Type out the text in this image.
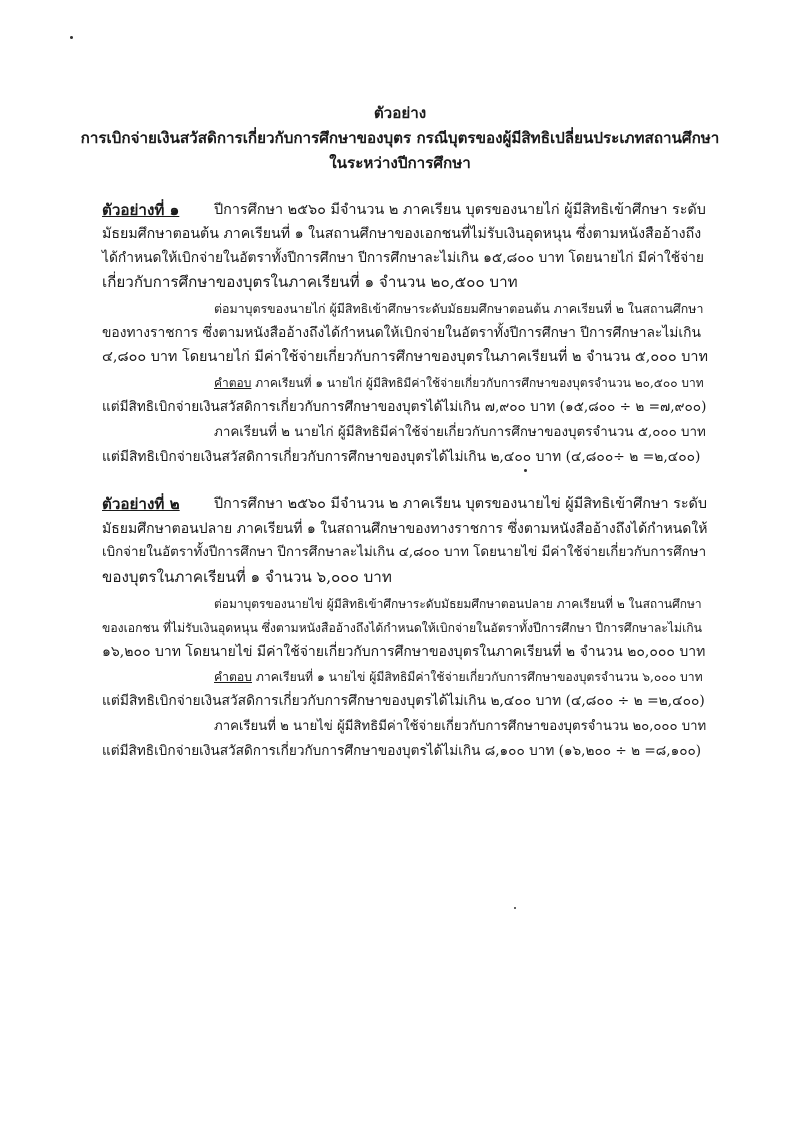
ตัวอย่าง
การเบิกจ่ายเงินสวัสดิการเกี่ยวกับการศึกษาของบุตร กรณีบุตรของผู้มีสิทธิเปลี่ยนประเภทสถานศึกษา
ในระหว่างปีการศึกษา
ตัวอย่างที่ ๑ ปีการศึกษา ๒๕๖๐ มีจำนวน ๒ ภาคเรียน บุตรของนายไก่ ผู้มีสิทธิเข้าศึกษา ระดับ
มัธยมศึกษาตอนต้น ภาคเรียนที่ ๑ ในสถานศึกษาของเอกชนที่ไม่รับเงินอุดหนุน ซึ่งตามหนังสืออ้างถึง
ได้กำหนดให้เบิกจ่ายในอัตราทั้งปีการศึกษา ปีการศึกษาละไม่เกิน ๑๕,๘๐๐ บาท โดยนายไก่ มีค่าใช้จ่าย
เกี่ยวกับการศึกษาของบุตรในภาคเรียนที่ ๑ จำนวน ๒๐,๕๐๐ บาท
ต่อมาบุตรของนายไก่ ผู้มีสิทธิเข้าศึกษาระดับมัธยมศึกษาตอนต้น ภาคเรียนที่ ๒ ในสถานศึกษา
ของทางราชการ ซึ่งตามหนังสืออ้างถึงได้กำหนดให้เบิกจ่ายในอัตราทั้งปีการศึกษา ปีการศึกษาละไม่เกิน
๔,๘๐๐ บาท โดยนายไก่ มีค่าใช้จ่ายเกี่ยวกับการศึกษาของบุตรในภาคเรียนที่ ๒ จำนวน ๕,๐๐๐ บาท
คำตอบ ภาคเรียนที่ ๑ นายไก่ ผู้มีสิทธิมีค่าใช้จ่ายเกี่ยวกับการศึกษาของบุตรจำนวน ๒๐,๕๐๐ บาท
แต่มีสิทธิเบิกจ่ายเงินสวัสดิการเกี่ยวกับการศึกษาของบุตรได้ไม่เกิน ๗,๙๐๐ บาท (๑๕,๘๐๐ ÷ ๒ =๗,๙๐๐)
ภาคเรียนที่ ๒ นายไก่ ผู้มีสิทธิมีค่าใช้จ่ายเกี่ยวกับการศึกษาของบุตรจำนวน ๕,๐๐๐ บาท
แต่มีสิทธิเบิกจ่ายเงินสวัสดิการเกี่ยวกับการศึกษาของบุตรได้ไม่เกิน ๒,๔๐๐ บาท (๔,๘๐๐÷ ๒ =๒,๔๐๐)
ตัวอย่างที่ ๒ ปีการศึกษา ๒๕๖๐ มีจำนวน ๒ ภาคเรียน บุตรของนายไข่ ผู้มีสิทธิเข้าศึกษา ระดับ
มัธยมศึกษาตอนปลาย ภาคเรียนที่ ๑ ในสถานศึกษาของทางราชการ ซึ่งตามหนังสืออ้างถึงได้กำหนดให้
เบิกจ่ายในอัตราทั้งปีการศึกษา ปีการศึกษาละไม่เกิน ๔,๘๐๐ บาท โดยนายไข่ มีค่าใช้จ่ายเกี่ยวกับการศึกษา
ของบุตรในภาคเรียนที่ ๑ จำนวน ๖,๐๐๐ บาท
ต่อมาบุตรของนายไข่ ผู้มีสิทธิเข้าศึกษาระดับมัธยมศึกษาตอนปลาย ภาคเรียนที่ ๒ ในสถานศึกษา
ของเอกชน ที่ไม่รับเงินอุดหนุน ซึ่งตามหนังสืออ้างถึงได้กำหนดให้เบิกจ่ายในอัตราทั้งปีการศึกษา ปีการศึกษาละไม่เกิน
๑๖,๒๐๐ บาท โดยนายไข่ มีค่าใช้จ่ายเกี่ยวกับการศึกษาของบุตรในภาคเรียนที่ ๒ จำนวน ๒๐,๐๐๐ บาท
คำตอบ ภาคเรียนที่ ๑ นายไข่ ผู้มีสิทธิมีค่าใช้จ่ายเกี่ยวกับการศึกษาของบุตรจำนวน ๖,๐๐๐ บาท
แต่มีสิทธิเบิกจ่ายเงินสวัสดิการเกี่ยวกับการศึกษาของบุตรได้ไม่เกิน ๒,๔๐๐ บาท (๔,๘๐๐ ÷ ๒ =๒,๔๐๐)
ภาคเรียนที่ ๒ นายไข่ ผู้มีสิทธิมีค่าใช้จ่ายเกี่ยวกับการศึกษาของบุตรจำนวน ๒๐,๐๐๐ บาท
แต่มีสิทธิเบิกจ่ายเงินสวัสดิการเกี่ยวกับการศึกษาของบุตรได้ไม่เกิน ๘,๑๐๐ บาท (๑๖,๒๐๐ ÷ ๒ =๘,๑๐๐)
